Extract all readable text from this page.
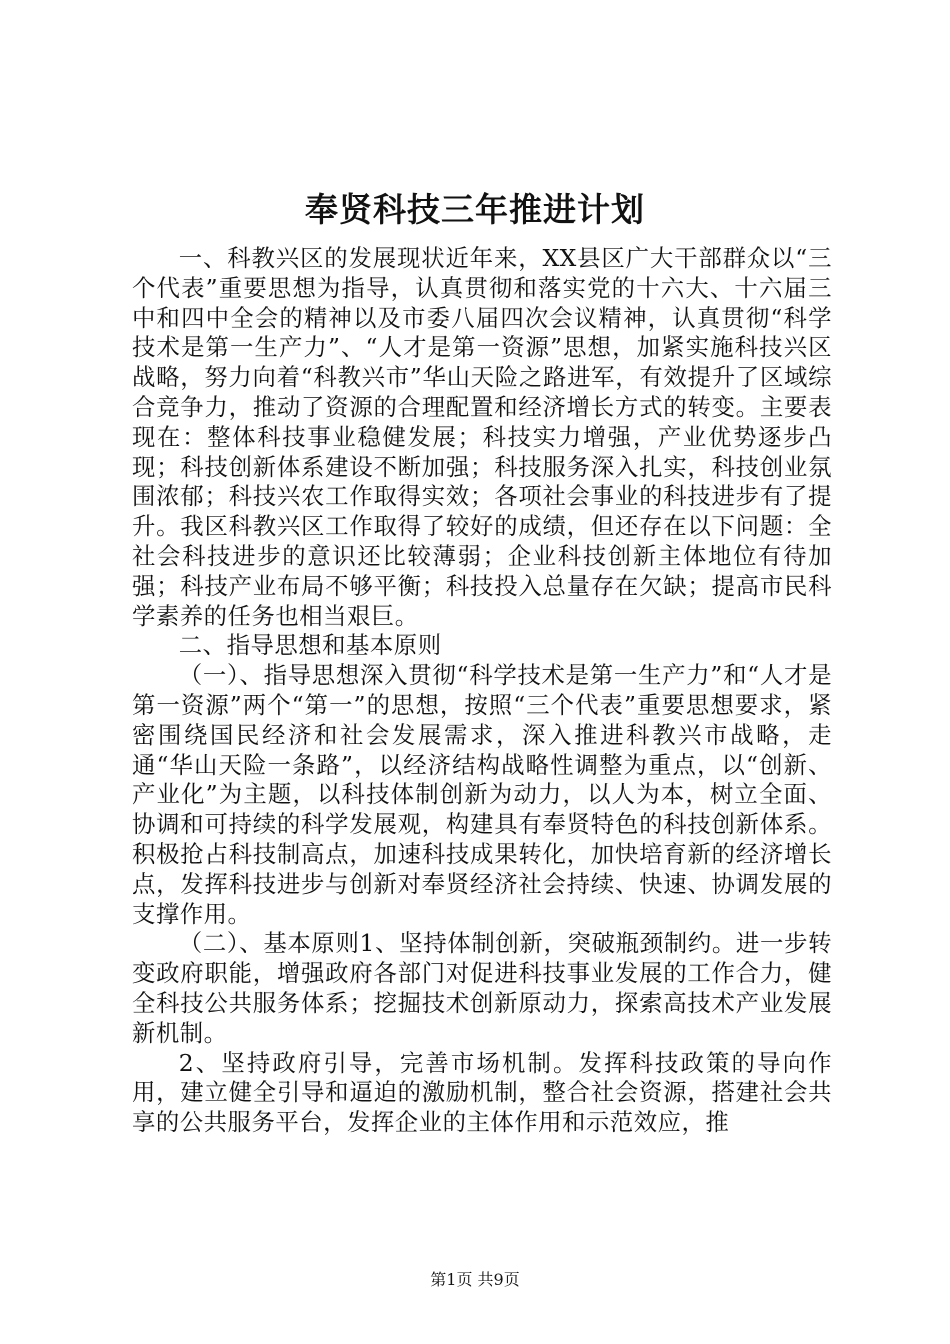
奉贤科技三年推进计划

一、科教兴区的发展现状近年来，XX县区广大干部群众以“三个代表”重要思想为指导，认真贯彻和落实党的十六大、十六届三中和四中全会的精神以及市委八届四次会议精神，认真贯彻“科学技术是第一生产力”、“人才是第一资源”思想，加紧实施科技兴区战略，努力向着“科教兴市”华山天险之路进军，有效提升了区域综合竞争力，推动了资源的合理配置和经济增长方式的转变。主要表现在：整体科技事业稳健发展；科技实力增强，产业优势逐步凸现；科技创新体系建设不断加强；科技服务深入扎实，科技创业氛围浓郁；科技兴农工作取得实效；各项社会事业的科技进步有了提升。我区科教兴区工作取得了较好的成绩，但还存在以下问题：全社会科技进步的意识还比较薄弱；企业科技创新主体地位有待加强；科技产业布局不够平衡；科技投入总量存在欠缺；提高市民科学素养的任务也相当艰巨。

二、指导思想和基本原则

（一）、指导思想深入贯彻“科学技术是第一生产力”和“人才是第一资源”两个“第一”的思想，按照“三个代表”重要思想要求，紧密围绕国民经济和社会发展需求，深入推进科教兴市战略，走通“华山天险一条路”，以经济结构战略性调整为重点，以“创新、产业化”为主题，以科技体制创新为动力，以人为本，树立全面、协调和可持续的科学发展观，构建具有奉贤特色的科技创新体系。积极抢占科技制高点，加速科技成果转化，加快培育新的经济增长点，发挥科技进步与创新对奉贤经济社会持续、快速、协调发展的支撑作用。

（二）、基本原则1、坚持体制创新，突破瓶颈制约。进一步转变政府职能，增强政府各部门对促进科技事业发展的工作合力，健全科技公共服务体系；挖掘技术创新原动力，探索高技术产业发展新机制。

2、坚持政府引导，完善市场机制。发挥科技政策的导向作用，建立健全引导和逼迫的激励机制，整合社会资源，搭建社会共享的公共服务平台，发挥企业的主体作用和示范效应，推

第1页 共9页
